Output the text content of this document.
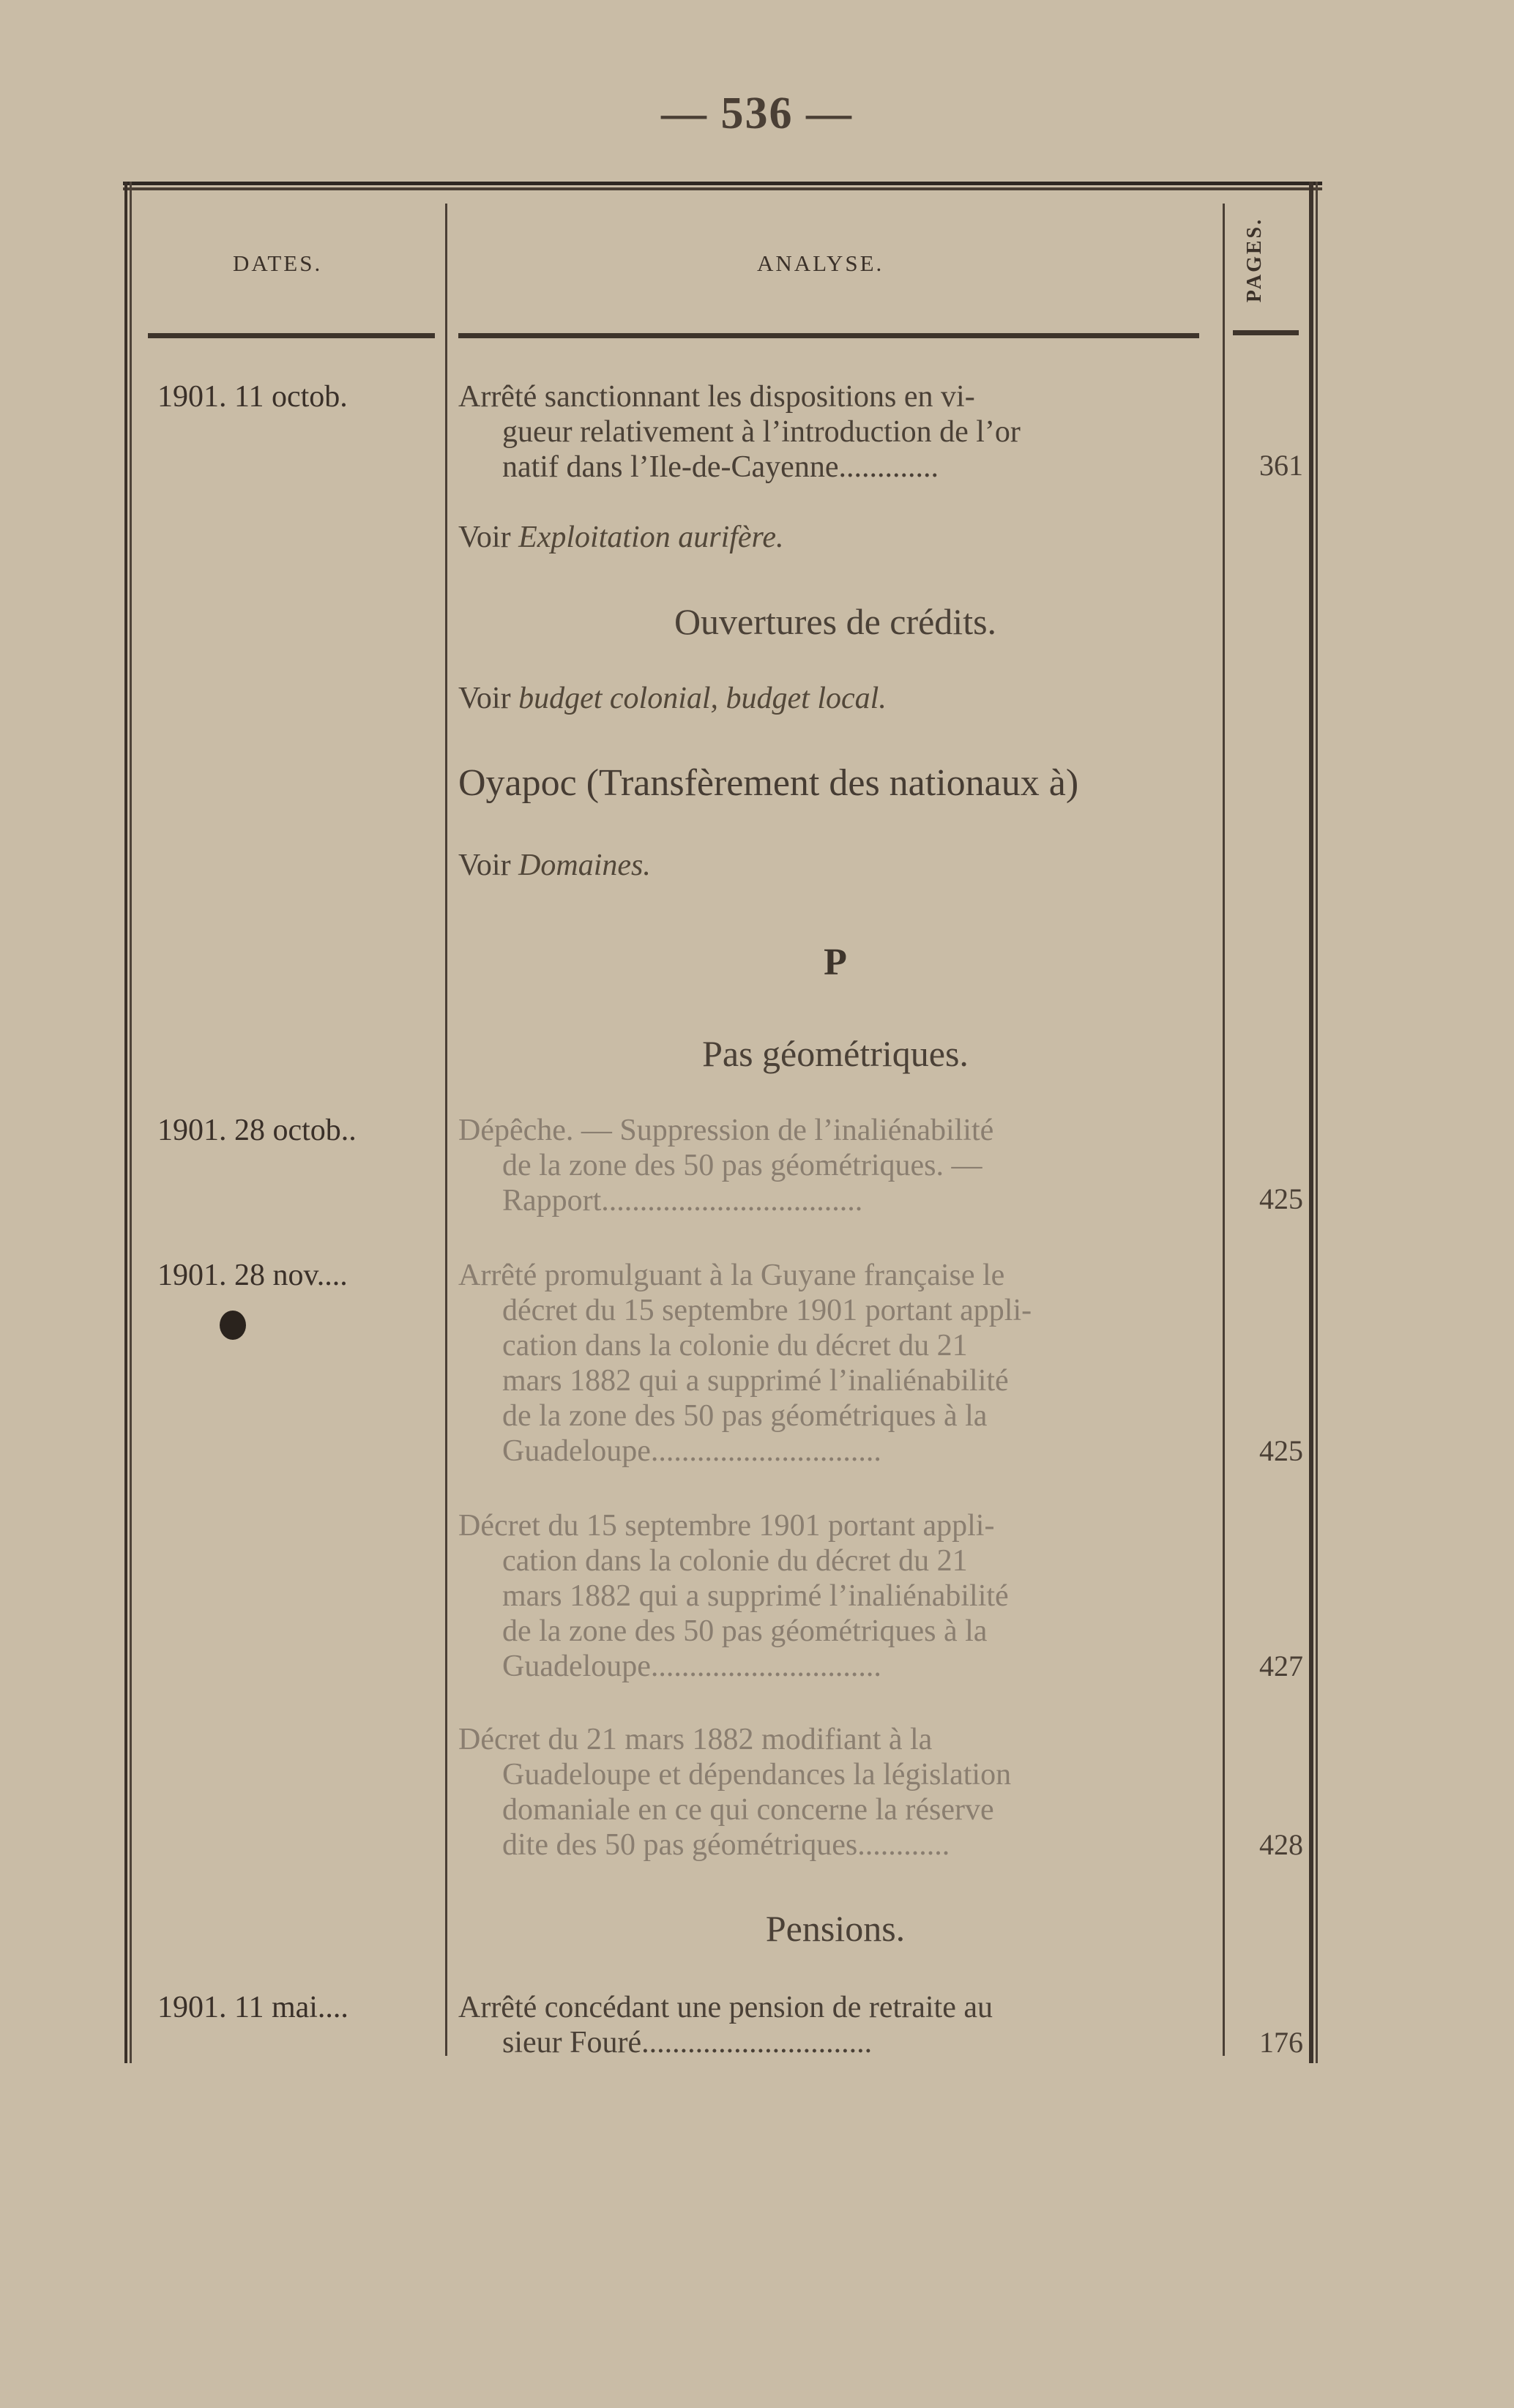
— 536 —
DATES.	ANALYSE.	PAGES.
1901. 11 octob.	Arrêté sanctionnant les dispositions en vi-

gueur relativement à l’introduction de l’or

natif dans l’Ile-de-Cayenne.............	361
Voir Exploitation aurifère.
Ouvertures de crédits.
Voir budget colonial, budget local.
Oyapoc (Transfèrement des nationaux à)
Voir Domaines.
P
Pas géométriques.
1901. 28 octob..	Dépêche. — Suppression de l’inaliénabilité

de la zone des 50 pas géométriques. —

Rapport..................................	425
1901. 28 nov....	Arrêté promulguant à la Guyane française le

décret du 15 septembre 1901 portant appli-

cation dans la colonie du décret du 21

mars 1882 qui a supprimé l’inaliénabilité

de la zone des 50 pas géométriques à la

Guadeloupe..............................	425

Décret du 15 septembre 1901 portant appli-

cation dans la colonie du décret du 21

mars 1882 qui a supprimé l’inaliénabilité

de la zone des 50 pas géométriques à la

Guadeloupe..............................	427

Décret du 21 mars 1882 modifiant à la

Guadeloupe et dépendances la législation

domaniale en ce qui concerne la réserve

dite des 50 pas géométriques............	428
Pensions.
1901. 11 mai....	Arrêté concédant une pension de retraite au

sieur Fouré..............................	176
